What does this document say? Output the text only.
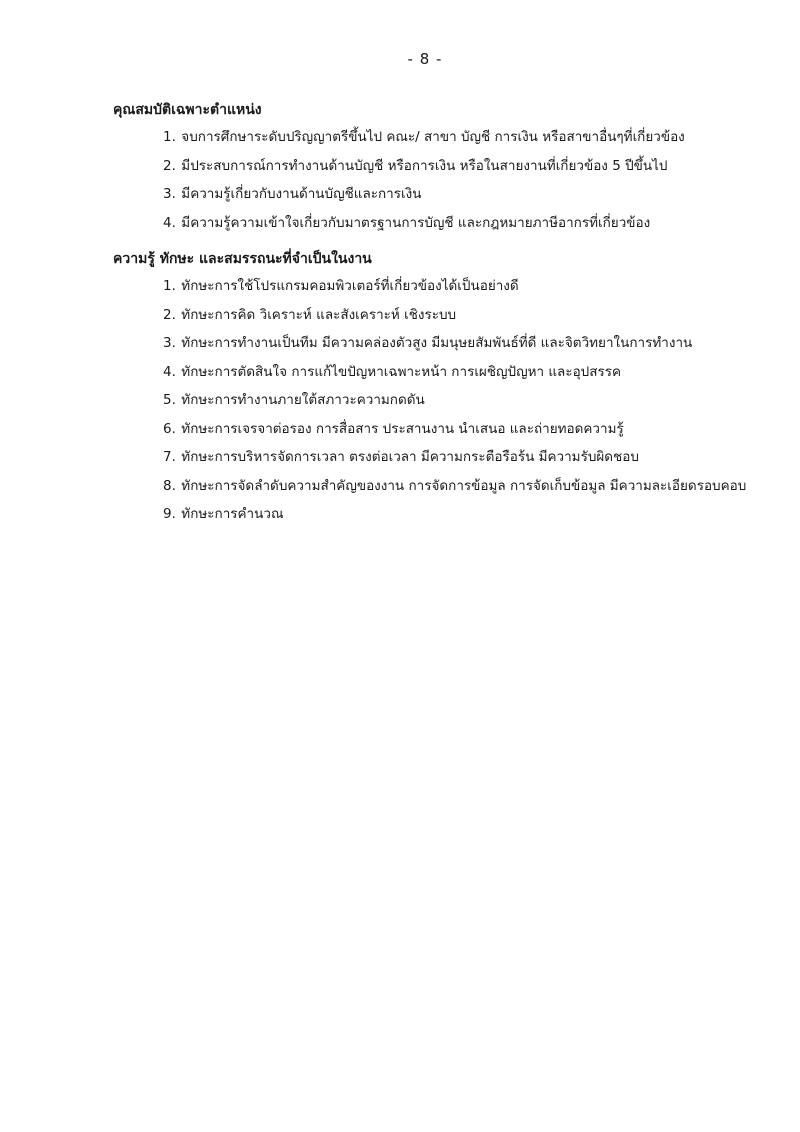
- 8 -
คุณสมบัติเฉพาะตำแหน่ง
1. จบการศึกษาระดับปริญญาตรีขึ้นไป คณะ/ สาขา บัญชี การเงิน หรือสาขาอื่นๆที่เกี่ยวข้อง
2. มีประสบการณ์การทำงานด้านบัญชี หรือการเงิน หรือในสายงานที่เกี่ยวข้อง 5 ปีขึ้นไป
3. มีความรู้เกี่ยวกับงานด้านบัญชีและการเงิน
4. มีความรู้ความเข้าใจเกี่ยวกับมาตรฐานการบัญชี และกฎหมายภาษีอากรที่เกี่ยวข้อง
ความรู้ ทักษะ และสมรรถนะที่จำเป็นในงาน
1. ทักษะการใช้โปรแกรมคอมพิวเตอร์ที่เกี่ยวข้องได้เป็นอย่างดี
2. ทักษะการคิด วิเคราะห์ และสังเคราะห์ เชิงระบบ
3. ทักษะการทำงานเป็นทีม มีความคล่องตัวสูง มีมนุษยสัมพันธ์ที่ดี และจิตวิทยาในการทำงาน
4. ทักษะการตัดสินใจ การแก้ไขปัญหาเฉพาะหน้า การเผชิญปัญหา และอุปสรรค
5. ทักษะการทำงานภายใต้สภาวะความกดดัน
6. ทักษะการเจรจาต่อรอง การสื่อสาร ประสานงาน นำเสนอ และถ่ายทอดความรู้
7. ทักษะการบริหารจัดการเวลา ตรงต่อเวลา มีความกระตือรือร้น มีความรับผิดชอบ
8. ทักษะการจัดลำดับความสำคัญของงาน การจัดการข้อมูล การจัดเก็บข้อมูล มีความละเอียดรอบคอบ
9. ทักษะการคำนวณ
